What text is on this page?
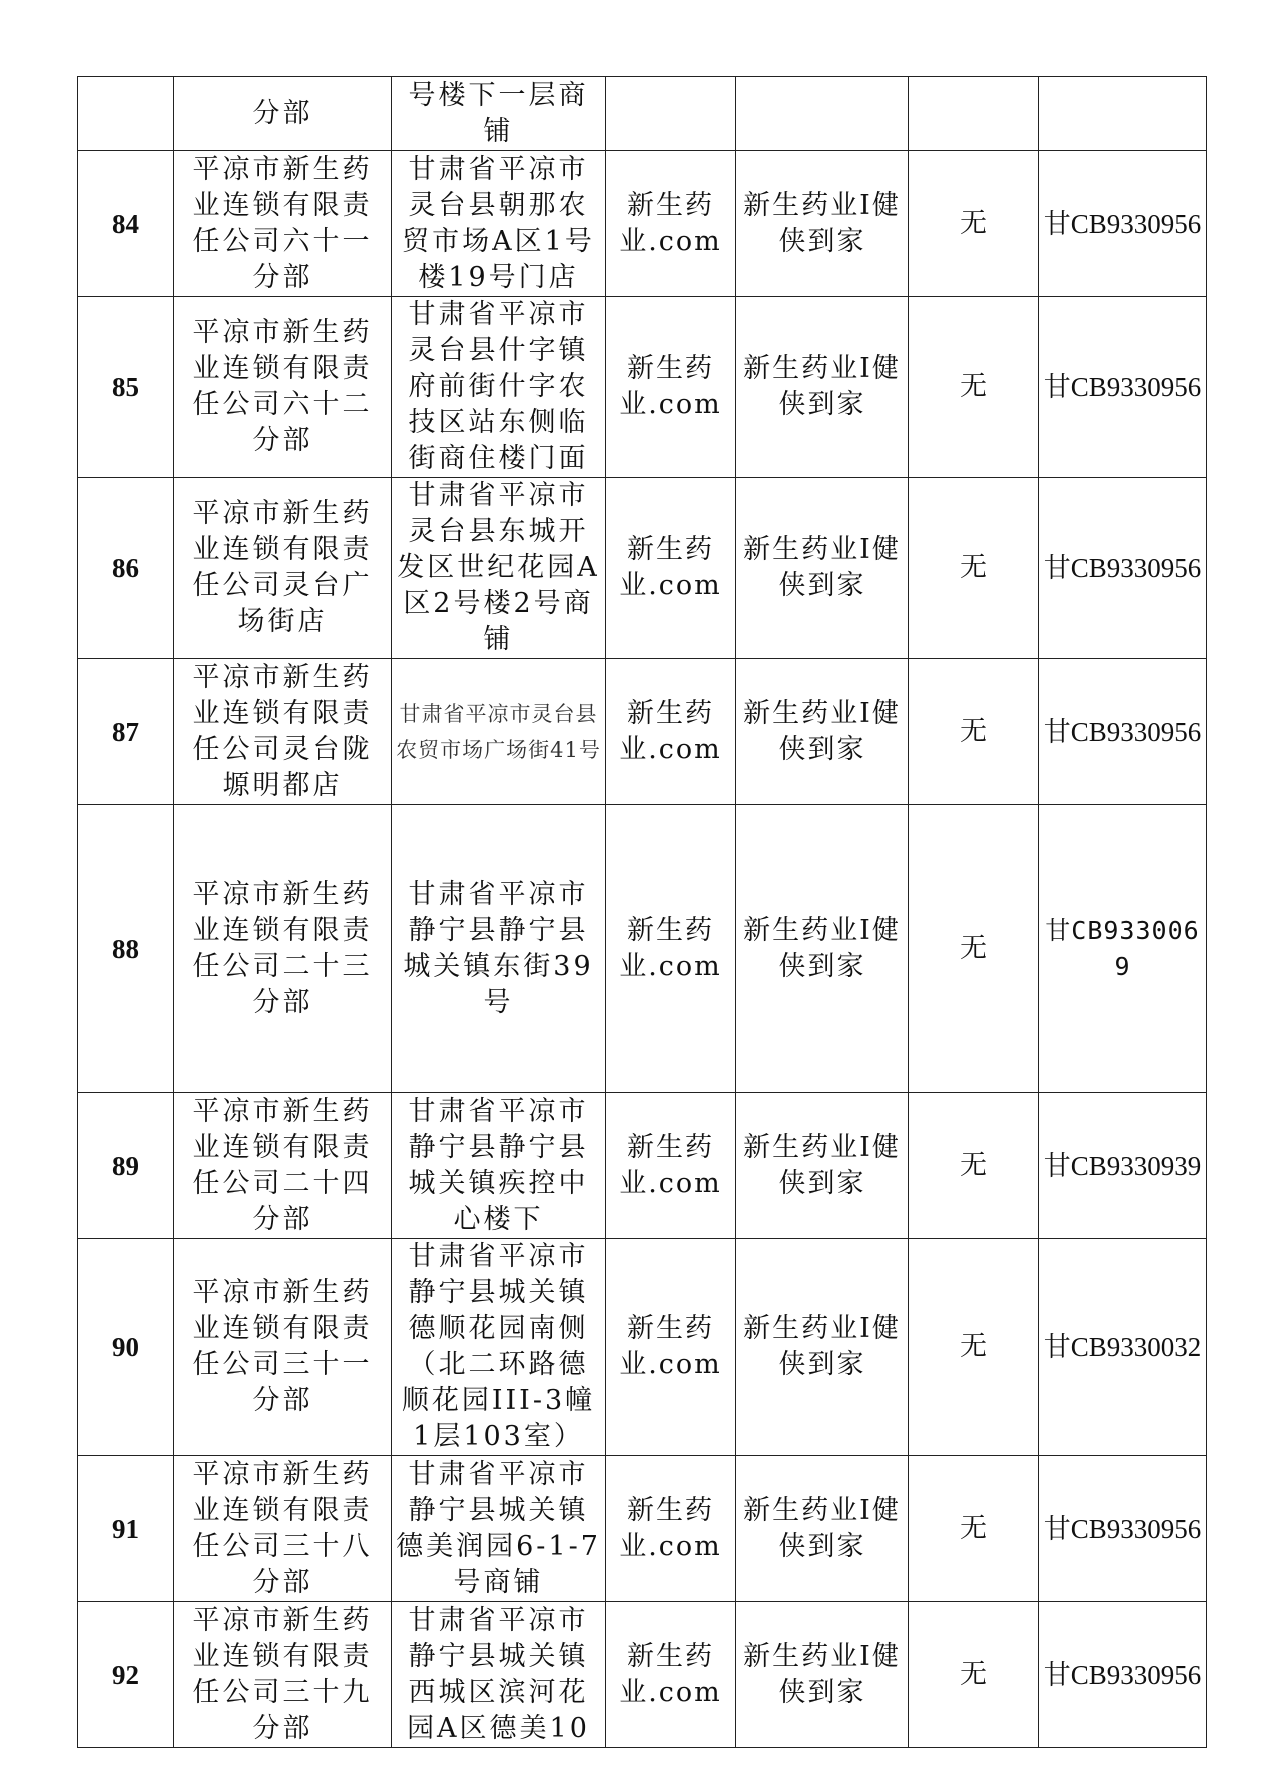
	分部	号楼下一层商铺				
84	平凉市新生药业连锁有限责任公司六十一分部	甘肃省平凉市灵台县朝那农贸市场A区1号楼19号门店	新生药业.com	新生药业I健侠到家	无	甘CB9330956
85	平凉市新生药业连锁有限责任公司六十二分部	甘肃省平凉市灵台县什字镇府前街什字农技区站东侧临街商住楼门面	新生药业.com	新生药业I健侠到家	无	甘CB9330956
86	平凉市新生药业连锁有限责任公司灵台广场街店	甘肃省平凉市灵台县东城开发区世纪花园A区2号楼2号商铺	新生药业.com	新生药业I健侠到家	无	甘CB9330956
87	平凉市新生药业连锁有限责任公司灵台陇塬明都店	甘肃省平凉市灵台县农贸市场广场街41号	新生药业.com	新生药业I健侠到家	无	甘CB9330956
88	平凉市新生药业连锁有限责任公司二十三分部	甘肃省平凉市静宁县静宁县城关镇东街39号	新生药业.com	新生药业I健侠到家	无	甘CB9330069
89	平凉市新生药业连锁有限责任公司二十四分部	甘肃省平凉市静宁县静宁县城关镇疾控中心楼下	新生药业.com	新生药业I健侠到家	无	甘CB9330939
90	平凉市新生药业连锁有限责任公司三十一分部	甘肃省平凉市静宁县城关镇德顺花园南侧（北二环路德顺花园III-3幢1层103室）	新生药业.com	新生药业I健侠到家	无	甘CB9330032
91	平凉市新生药业连锁有限责任公司三十八分部	甘肃省平凉市静宁县城关镇德美润园6-1-7号商铺	新生药业.com	新生药业I健侠到家	无	甘CB9330956
92	平凉市新生药业连锁有限责任公司三十九分部	甘肃省平凉市静宁县城关镇西城区滨河花园A区德美10	新生药业.com	新生药业I健侠到家	无	甘CB9330956
